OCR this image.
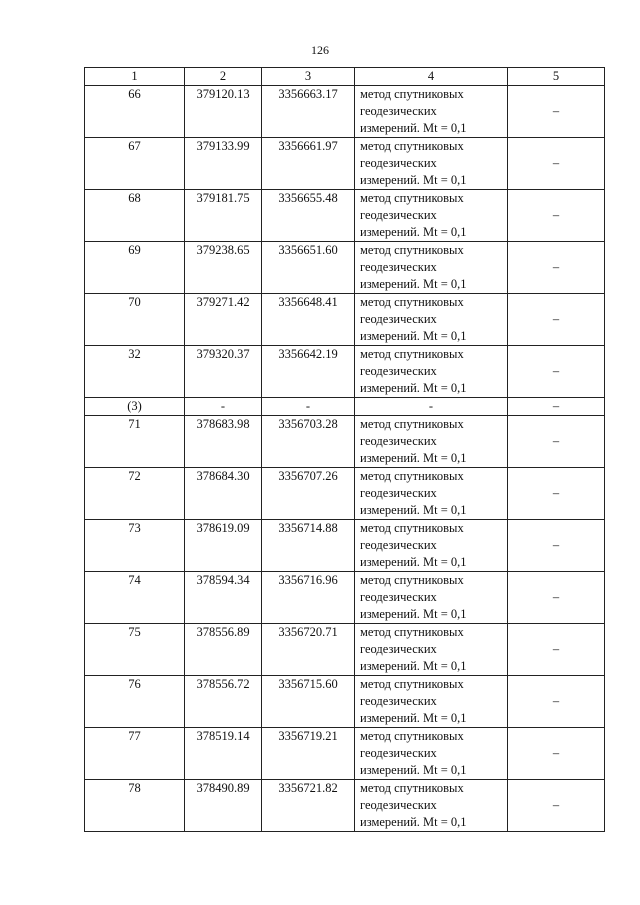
126
1	2	3	4	5
66	379120.13	3356663.17	метод спутниковых
геодезических
измерений. Mt = 0,1	–
67	379133.99	3356661.97	метод спутниковых
геодезических
измерений. Mt = 0,1	–
68	379181.75	3356655.48	метод спутниковых
геодезических
измерений. Mt = 0,1	–
69	379238.65	3356651.60	метод спутниковых
геодезических
измерений. Mt = 0,1	–
70	379271.42	3356648.41	метод спутниковых
геодезических
измерений. Mt = 0,1	–
32	379320.37	3356642.19	метод спутниковых
геодезических
измерений. Mt = 0,1	–
(3)	-	-	-	–
71	378683.98	3356703.28	метод спутниковых
геодезических
измерений. Mt = 0,1	–
72	378684.30	3356707.26	метод спутниковых
геодезических
измерений. Mt = 0,1	–
73	378619.09	3356714.88	метод спутниковых
геодезических
измерений. Mt = 0,1	–
74	378594.34	3356716.96	метод спутниковых
геодезических
измерений. Mt = 0,1	–
75	378556.89	3356720.71	метод спутниковых
геодезических
измерений. Mt = 0,1	–
76	378556.72	3356715.60	метод спутниковых
геодезических
измерений. Mt = 0,1	–
77	378519.14	3356719.21	метод спутниковых
геодезических
измерений. Mt = 0,1	–
78	378490.89	3356721.82	метод спутниковых
геодезических
измерений. Mt = 0,1	–
